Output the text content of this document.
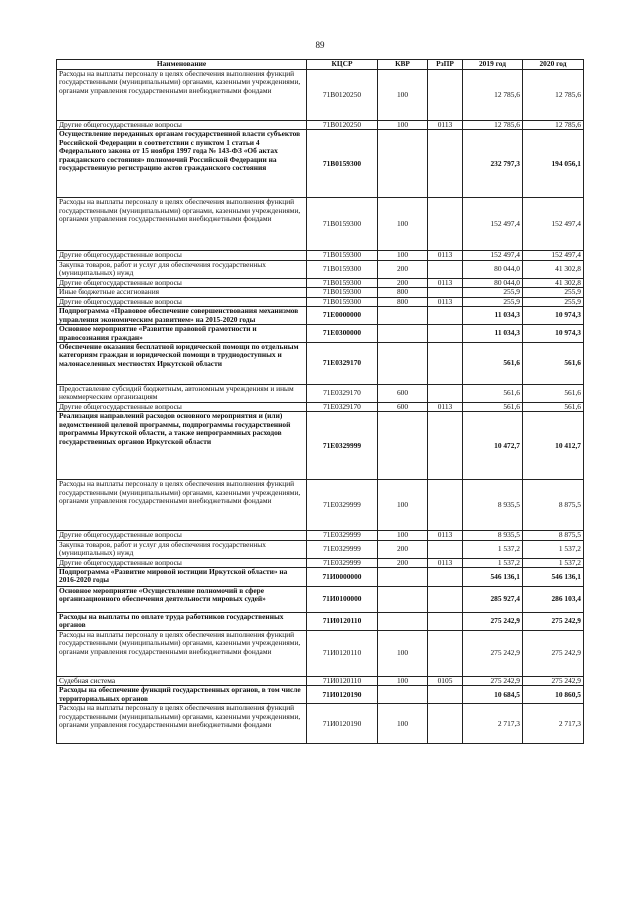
89
Наименование	КЦСР	КВР	РзПР	2019 год	2020 год
Расходы на выплаты персоналу в целях обеспечения выполнения функций государственными (муниципальными) органами, казенными учреждениями, органами управления государственными внебюджетными фондами	71В0120250	100		12 785,6	12 785,6
Другие общегосударственные вопросы	71В0120250	100	0113	12 785,6	12 785,6
Осуществление переданных органам государственной власти субъектов Российской Федерации в соответствии с пунктом 1 статьи 4 Федерального закона от 15 ноября 1997 года № 143-ФЗ «Об актах гражданского состояния» полномочий Российской Федерации на государственную регистрацию актов гражданского состояния	71В0159300			232 797,3	194 056,1
Расходы на выплаты персоналу в целях обеспечения выполнения функций государственными (муниципальными) органами, казенными учреждениями, органами управления государственными внебюджетными фондами	71В0159300	100		152 497,4	152 497,4
Другие общегосударственные вопросы	71В0159300	100	0113	152 497,4	152 497,4
Закупка товаров, работ и услуг для обеспечения государственных (муниципальных) нужд	71В0159300	200		80 044,0	41 302,8
Другие общегосударственные вопросы	71В0159300	200	0113	80 044,0	41 302,8
Иные бюджетные ассигнования	71В0159300	800		255,9	255,9
Другие общегосударственные вопросы	71В0159300	800	0113	255,9	255,9
Подпрограмма «Правовое обеспечение совершенствования механизмов управления экономическим развитием» на 2015-2020 годы	71Е0000000			11 034,3	10 974,3
Основное мероприятие «Развитие правовой грамотности и правосознания граждан»	71Е0300000			11 034,3	10 974,3
Обеспечение оказания бесплатной юридической помощи по отдельным категориям граждан и юридической помощи в труднодоступных и малонаселенных местностях Иркутской области	71Е0329170			561,6	561,6
Предоставление субсидий бюджетным, автономным учреждениям и иным некоммерческим организациям	71Е0329170	600		561,6	561,6
Другие общегосударственные вопросы	71Е0329170	600	0113	561,6	561,6
Реализация направлений расходов основного мероприятия и (или) ведомственной целевой программы, подпрограммы государственной программы Иркутской области, а также непрограммных расходов государственных органов Иркутской области	71Е0329999			10 472,7	10 412,7
Расходы на выплаты персоналу в целях обеспечения выполнения функций государственными (муниципальными) органами, казенными учреждениями, органами управления государственными внебюджетными фондами	71Е0329999	100		8 935,5	8 875,5
Другие общегосударственные вопросы	71Е0329999	100	0113	8 935,5	8 875,5
Закупка товаров, работ и услуг для обеспечения государственных (муниципальных) нужд	71Е0329999	200		1 537,2	1 537,2
Другие общегосударственные вопросы	71Е0329999	200	0113	1 537,2	1 537,2
Подпрограмма «Развитие мировой юстиции Иркутской области» на 2016-2020 годы	71И0000000			546 136,1	546 136,1
Основное мероприятие «Осуществление полномочий в сфере организационного обеспечения деятельности мировых судей»	71И0100000			285 927,4	286 103,4
Расходы на выплаты по оплате труда работников государственных органов	71И0120110			275 242,9	275 242,9
Расходы на выплаты персоналу в целях обеспечения выполнения функций государственными (муниципальными) органами, казенными учреждениями, органами управления государственными внебюджетными фондами	71И0120110	100		275 242,9	275 242,9
Судебная система	71И0120110	100	0105	275 242,9	275 242,9
Расходы на обеспечение функций государственных органов, в том числе территориальных органов	71И0120190			10 684,5	10 860,5
Расходы на выплаты персоналу в целях обеспечения выполнения функций государственными (муниципальными) органами, казенными учреждениями, органами управления государственными внебюджетными фондами	71И0120190	100		2 717,3	2 717,3
